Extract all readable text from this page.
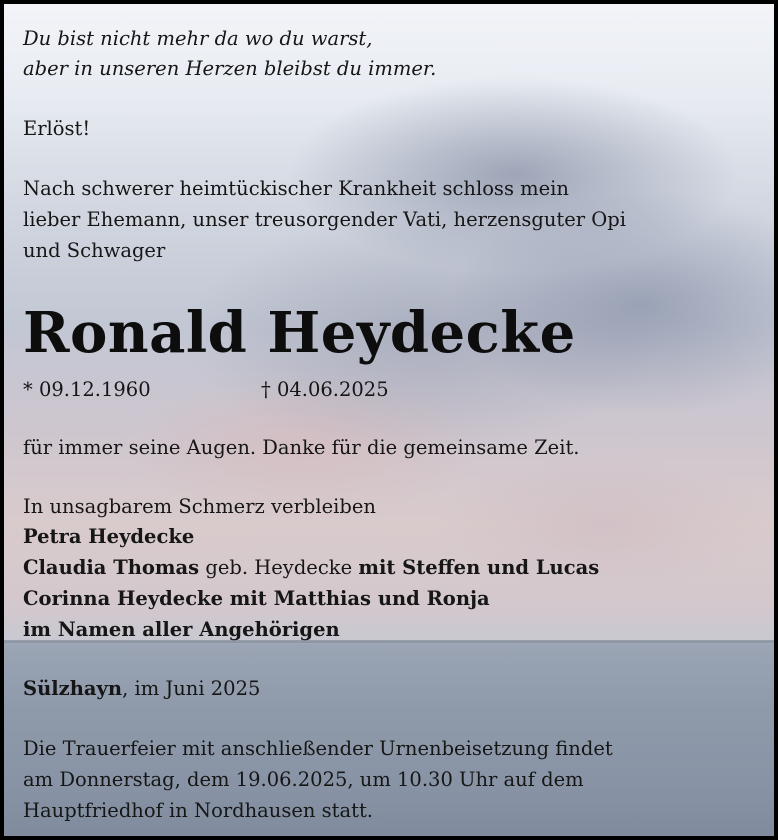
Du bist nicht mehr da wo du warst,

aber in unseren Herzen bleibst du immer.

Erlöst!

Nach schwerer heimtückischer Krankheit schloss mein

lieber Ehemann, unser treusorgender Vati, herzensguter Opi

und Schwager

Ronald Heydecke

* 09.12.1960	† 04.06.2025

für immer seine Augen. Danke für die gemeinsame Zeit.

In unsagbarem Schmerz verbleiben

Petra Heydecke

Claudia Thomas geb. Heydecke mit Steffen und Lucas

Corinna Heydecke mit Matthias und Ronja

im Namen aller Angehörigen

Sülzhayn, im Juni 2025

Die Trauerfeier mit anschließender Urnenbeisetzung findet

am Donnerstag, dem 19.06.2025, um 10.30 Uhr auf dem

Hauptfriedhof in Nordhausen statt.
